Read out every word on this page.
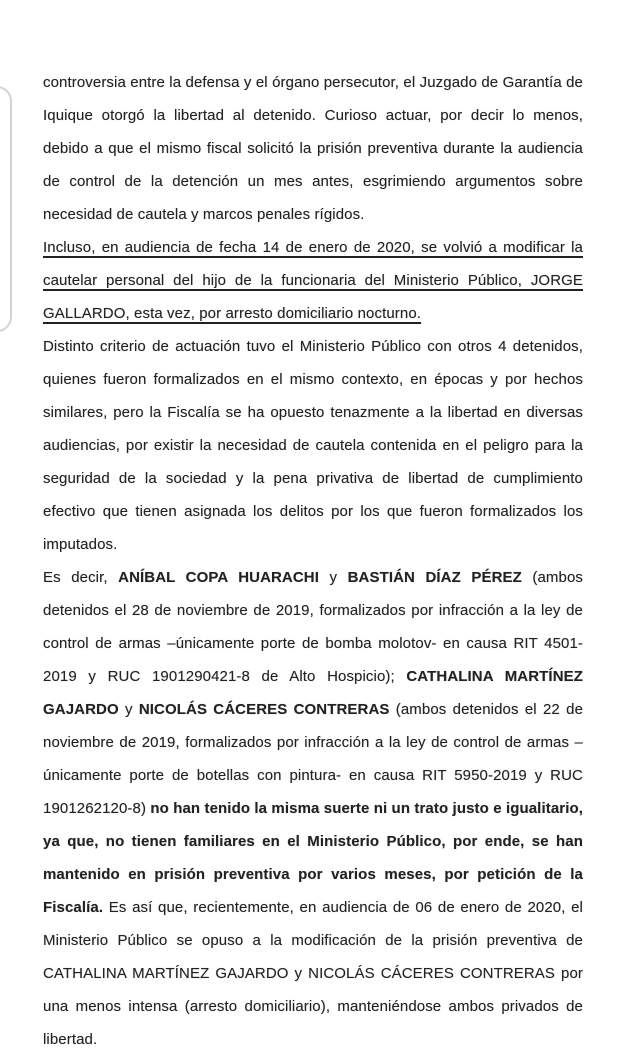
controversia entre la defensa y el órgano persecutor, el Juzgado de Garantía de Iquique otorgó la libertad al detenido. Curioso actuar, por decir lo menos, debido a que el mismo fiscal solicitó la prisión preventiva durante la audiencia de control de la detención un mes antes, esgrimiendo argumentos sobre necesidad de cautela y marcos penales rígidos.

Incluso, en audiencia de fecha 14 de enero de 2020, se volvió a modificar la cautelar personal del hijo de la funcionaria del Ministerio Público, JORGE GALLARDO, esta vez, por arresto domiciliario nocturno.

Distinto criterio de actuación tuvo el Ministerio Público con otros 4 detenidos, quienes fueron formalizados en el mismo contexto, en épocas y por hechos similares, pero la Fiscalía se ha opuesto tenazmente a la libertad en diversas audiencias, por existir la necesidad de cautela contenida en el peligro para la seguridad de la sociedad y la pena privativa de libertad de cumplimiento efectivo que tienen asignada los delitos por los que fueron formalizados los imputados.

Es decir, ANÍBAL COPA HUARACHI y BASTIÁN DÍAZ PÉREZ (ambos detenidos el 28 de noviembre de 2019, formalizados por infracción a la ley de control de armas –únicamente porte de bomba molotov- en causa RIT 4501-2019 y RUC 1901290421-8 de Alto Hospicio); CATHALINA MARTÍNEZ GAJARDO y NICOLÁS CÁCERES CONTRERAS (ambos detenidos el 22 de noviembre de 2019, formalizados por infracción a la ley de control de armas –únicamente porte de botellas con pintura- en causa RIT 5950-2019 y RUC 1901262120-8) no han tenido la misma suerte ni un trato justo e igualitario, ya que, no tienen familiares en el Ministerio Público, por ende, se han mantenido en prisión preventiva por varios meses, por petición de la Fiscalía. Es así que, recientemente, en audiencia de 06 de enero de 2020, el Ministerio Público se opuso a la modificación de la prisión preventiva de CATHALINA MARTÍNEZ GAJARDO y NICOLÁS CÁCERES CONTRERAS por una menos intensa (arresto domiciliario), manteniéndose ambos privados de libertad.
